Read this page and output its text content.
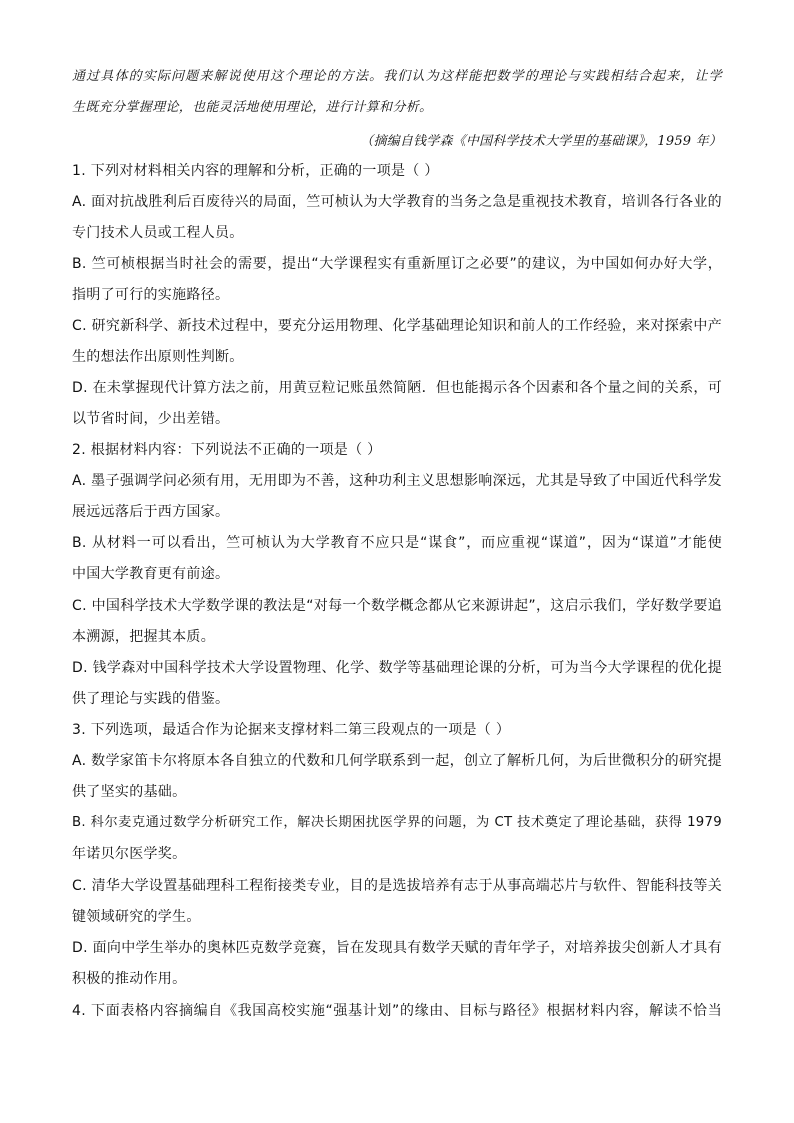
通过具体的实际问题来解说使用这个理论的方法。我们认为这样能把数学的理论与实践相结合起来，让学
生既充分掌握理论，也能灵活地使用理论，进行计算和分析。
（摘编自钱学森《中国科学技术大学里的基础课》，1959 年）
1. 下列对材料相关内容的理解和分析，正确的一项是（ ）
A. 面对抗战胜利后百废待兴的局面，竺可桢认为大学教育的当务之急是重视技术教育，培训各行各业的
专门技术人员或工程人员。
B. 竺可桢根据当时社会的需要，提出“大学课程实有重新厘订之必要”的建议，为中国如何办好大学，
指明了可行的实施路径。
C. 研究新科学、新技术过程中，要充分运用物理、化学基础理论知识和前人的工作经验，来对探索中产
生的想法作出原则性判断。
D. 在未掌握现代计算方法之前，用黄豆粒记账虽然简陋．但也能揭示各个因素和各个量之间的关系，可
以节省时间，少出差错。
2. 根据材料内容：下列说法不正确的一项是（ ）
A. 墨子强调学问必须有用，无用即为不善，这种功利主义思想影响深远，尤其是导致了中国近代科学发
展远远落后于西方国家。
B. 从材料一可以看出，竺可桢认为大学教育不应只是“谋食”，而应重视“谋道”，因为“谋道”才能使
中国大学教育更有前途。
C. 中国科学技术大学数学课的教法是“对每一个数学概念都从它来源讲起”，这启示我们，学好数学要追
本溯源，把握其本质。
D. 钱学森对中国科学技术大学设置物理、化学、数学等基础理论课的分析，可为当今大学课程的优化提
供了理论与实践的借鉴。
3. 下列选项，最适合作为论据来支撑材料二第三段观点的一项是（ ）
A. 数学家笛卡尔将原本各自独立的代数和几何学联系到一起，创立了解析几何，为后世微积分的研究提
供了坚实的基础。
B. 科尔麦克通过数学分析研究工作，解决长期困扰医学界的问题，为 CT 技术奠定了理论基础，获得 1979
年诺贝尔医学奖。
C. 清华大学设置基础理科工程衔接类专业，目的是选拔培养有志于从事高端芯片与软件、智能科技等关
键领域研究的学生。
D. 面向中学生举办的奥林匹克数学竞赛，旨在发现具有数学天赋的青年学子，对培养拔尖创新人才具有
积极的推动作用。
4. 下面表格内容摘编自《我国高校实施“强基计划”的缘由、目标与路径》根据材料内容，解读不恰当
